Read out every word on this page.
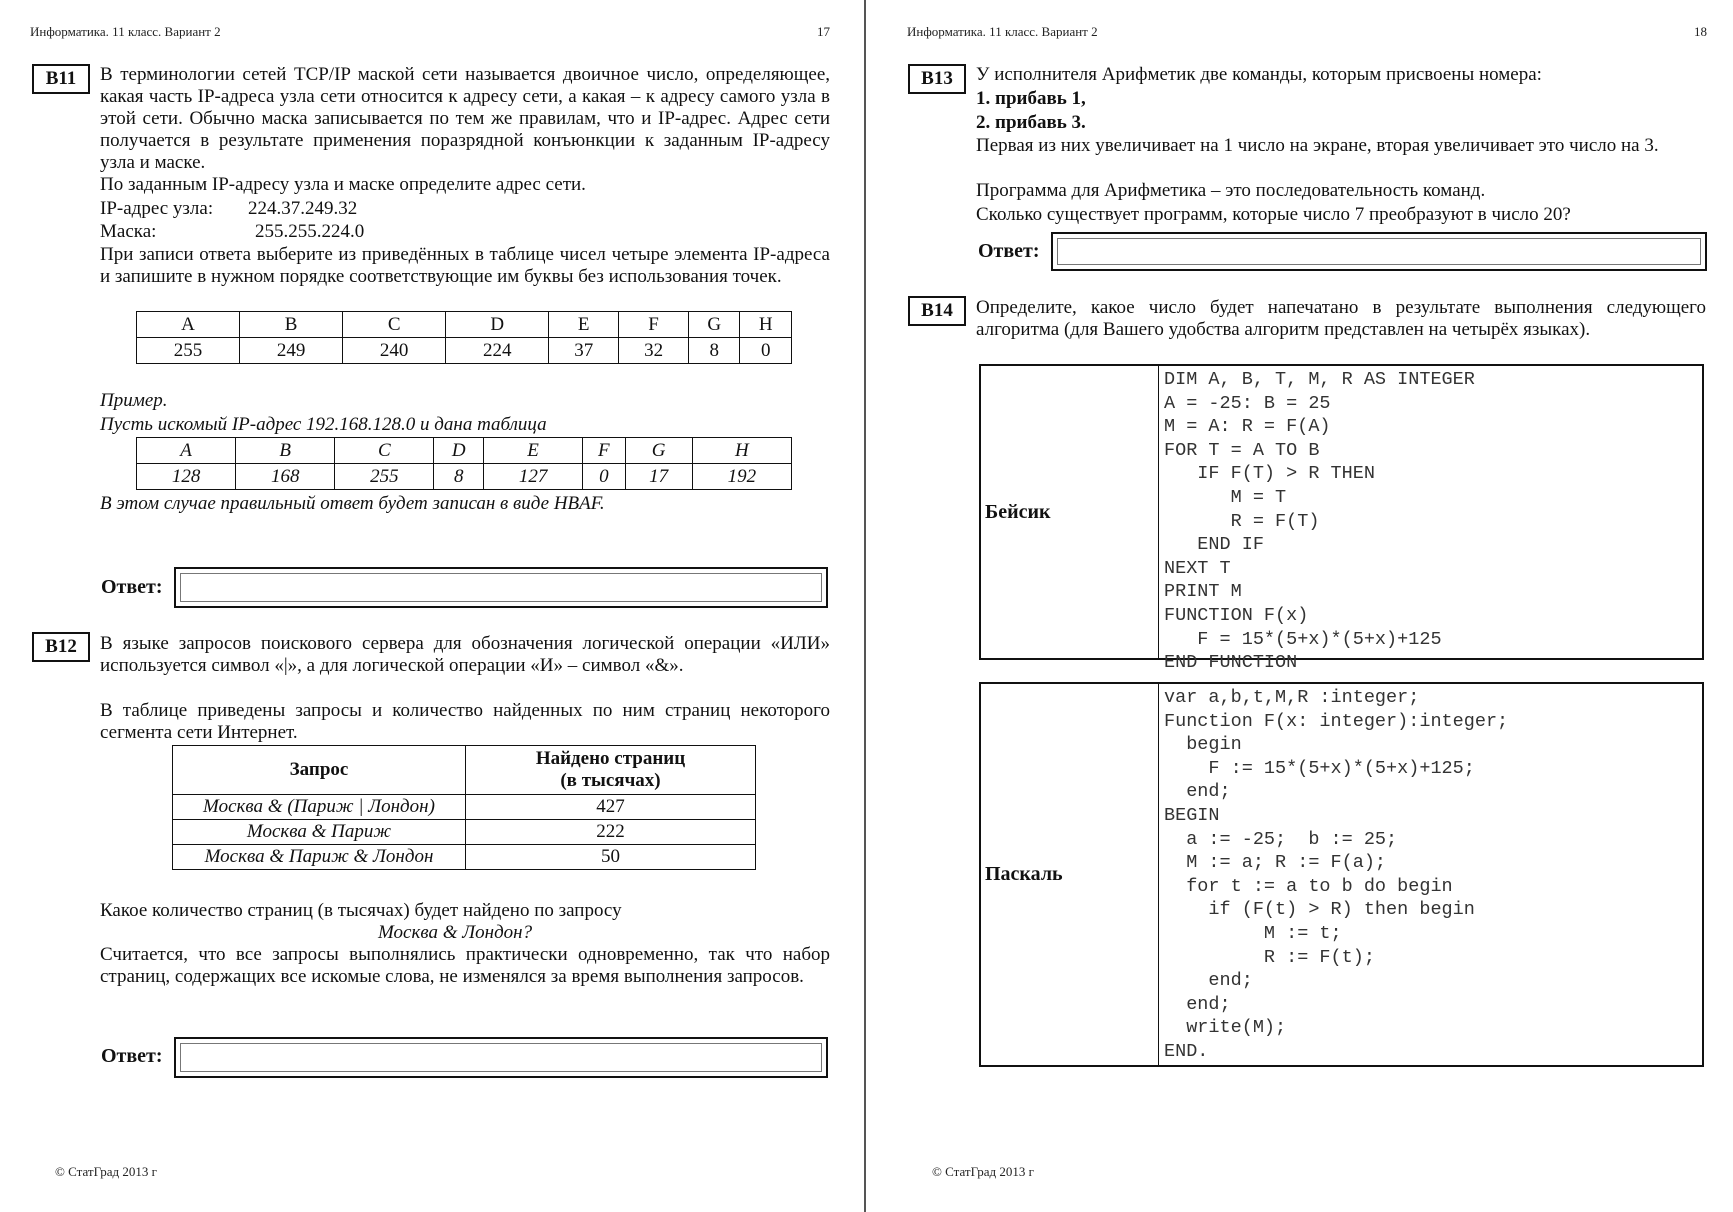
Информатика. 11 класс. Вариант 2	17
B11	В терминологии сетей TCP/IP маской сети называется двоичное число, определяющее, какая часть IP-адреса узла сети относится к адресу сети, а какая – к адресу самого узла в этой сети. Обычно маска записывается по тем же правилам, что и IP-адрес. Адрес сети получается в результате применения поразрядной конъюнкции к заданным IP-адресу узла и маске.
По заданным IP-адресу узла и маске определите адрес сети.
IP-адрес узла: 224.37.249.32
Маска:	255.255.224.0
При записи ответа выберите из приведённых в таблице чисел четыре элемента IP-адреса и запишите в нужном порядке соответствующие им буквы без использования точек.
A	B	C	D	E	F	G	H
255	249	240	224	37	32	8	0
Пример.
Пусть искомый IP-адрес 192.168.128.0 и дана таблица
A	B	C	D	E	F	G	H
128	168	255	8	127	0	17	192
В этом случае правильный ответ будет записан в виде HBAF.
Ответ:
B12	В языке запросов поискового сервера для обозначения логической операции «ИЛИ» используется символ «|», а для логической операции «И» – символ «&».
В таблице приведены запросы и количество найденных по ним страниц некоторого сегмента сети Интернет.
Запрос	Найдено страниц
(в тысячах)

Москва & (Париж | Лондон)	427
Москва & Париж	222
Москва & Париж & Лондон	50
Какое количество страниц (в тысячах) будет найдено по запросу
Москва & Лондон?
Считается, что все запросы выполнялись практически одновременно, так что набор страниц, содержащих все искомые слова, не изменялся за время выполнения запросов.
Ответ:
© СтатГрад 2013 г
Информатика. 11 класс. Вариант 2	18
B13	У исполнителя Арифметик две команды, которым присвоены номера:
1. прибавь 1,
2. прибавь 3.
Первая из них увеличивает на 1 число на экране, вторая увеличивает это число на 3.
Программа для Арифметика – это последовательность команд.
Сколько существует программ, которые число 7 преобразуют в число 20?
Ответ:
B14	Определите, какое число будет напечатано в результате выполнения следующего алгоритма (для Вашего удобства алгоритм представлен на четырёх языках).
Бейсик
DIM A, B, T, M, R AS INTEGER
A = -25: B = 25
M = A: R = F(A)
FOR T = A TO B
IF F(T) > R THEN
M = T
R = F(T)
END IF
NEXT T
PRINT M
FUNCTION F(x)
F = 15*(5+x)*(5+x)+125
END FUNCTION
Паскаль
var a,b,t,M,R :integer;
Function F(x: integer):integer;
begin
F := 15*(5+x)*(5+x)+125;
end;
BEGIN
a := -25;  b := 25;
M := a; R := F(a);
for t := a to b do begin
if (F(t) > R) then begin
M := t;
R := F(t);
end;
end;
write(M);
END.
© СтатГрад 2013 г
